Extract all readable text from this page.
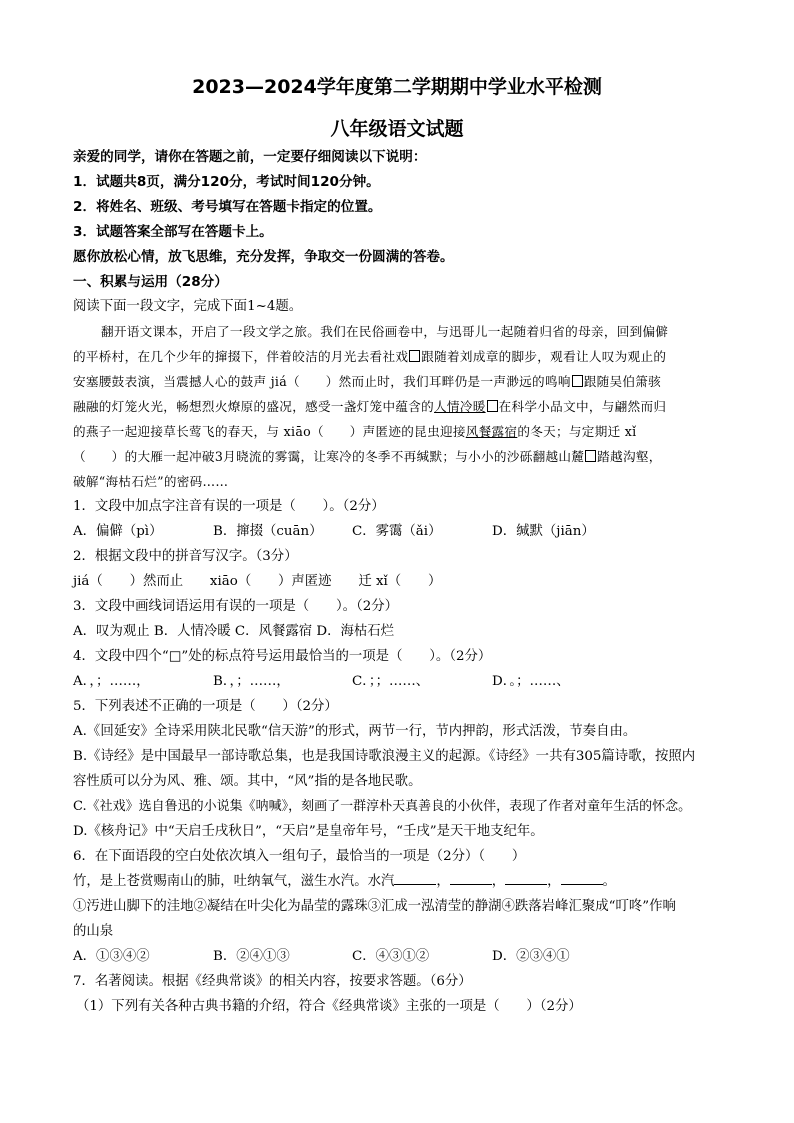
2023—2024学年度第二学期期中学业水平检测
八年级语文试题
亲爱的同学，请你在答题之前，一定要仔细阅读以下说明：
1．试题共8页，满分120分，考试时间120分钟。
2．将姓名、班级、考号填写在答题卡指定的位置。
3．试题答案全部写在答题卡上。
愿你放松心情，放飞思维，充分发挥，争取交一份圆满的答卷。
一、积累与运用（28分）
阅读下面一段文字，完成下面1~4题。
翻开语文课本，开启了一段文学之旅。我们在民俗画卷中，与迅哥儿一起随着归省的母亲，回到偏僻
的平桥村，在几个少年的撺掇下，伴着皎洁的月光去看社戏 跟随着刘成章的脚步，观看让人叹为观止的
安塞腰鼓表演，当震撼人心的鼓声 jiá（　　）然而止时，我们耳畔仍是一声渺远的鸣响 跟随吴伯箫骇
融融的灯笼火光，畅想烈火燎原的盛况，感受一盏灯笼中蕴含的人情冷暖 在科学小品文中，与翩然而归
的燕子一起迎接草长莺飞的春天，与 xiāo（　　）声匿迹的昆虫迎接风餐露宿的冬天；与定期迁 xǐ
（　　）的大雁一起冲破3月晓流的雾霭，让寒冷的冬季不再缄默；与小小的沙砾翻越山麓 踏越沟壑，
破解“海枯石烂”的密码……
1．文段中加点字注音有误的一项是（　　）。（2分）
A．偏僻（pì）	B．撺掇（cuān） C．雾霭（ǎi）	D．缄默（jiān）
2．根据文段中的拼音写汉字。（3分）
jiá（　　）然而止　　xiāo（　　）声匿迹　　迁 xǐ（　　）
3．文段中画线词语运用有误的一项是（　　）。（2分）
A．叹为观止 B．人情冷暖 C．风餐露宿 D．海枯石烂
4．文段中四个“□”处的标点符号运用最恰当的一项是（　　）。（2分）
A．，；……，	B．，；……，	C．；；……、	D．。；……、
5．下列表述不正确的一项是（　　）（2分）
A.《回延安》全诗采用陕北民歌“信天游”的形式，两节一行，节内押韵，形式活泼，节奏自由。
B.《诗经》是中国最早一部诗歌总集，也是我国诗歌浪漫主义的起源。《诗经》一共有305篇诗歌，按照内
容性质可以分为风、雅、颂。其中，“风”指的是各地民歌。
C.《社戏》选自鲁迅的小说集《呐喊》，刻画了一群淳朴天真善良的小伙伴，表现了作者对童年生活的怀念。
D.《核舟记》中“天启壬戌秋日”，“天启”是皇帝年号，“壬戌”是天干地支纪年。
6．在下面语段的空白处依次填入一组句子，最恰当的一项是（2分）（　　）
竹，是上苍赏赐南山的肺，吐纳氧气，滋生水汽。水汽	，	，	，	。
①汚进山脚下的洼地②凝结在叶尖化为晶莹的露珠③汇成一泓清莹的静湖④跌落岩峰汇聚成“叮咚”作响
的山泉
A．①③④②	B．②④①③	C．④③①②	D．②③④①
7．名著阅读。根据《经典常谈》的相关内容，按要求答题。（6分）
（1）下列有关各种古典书籍的介绍，符合《经典常谈》主张的一项是（　　）（2分）
